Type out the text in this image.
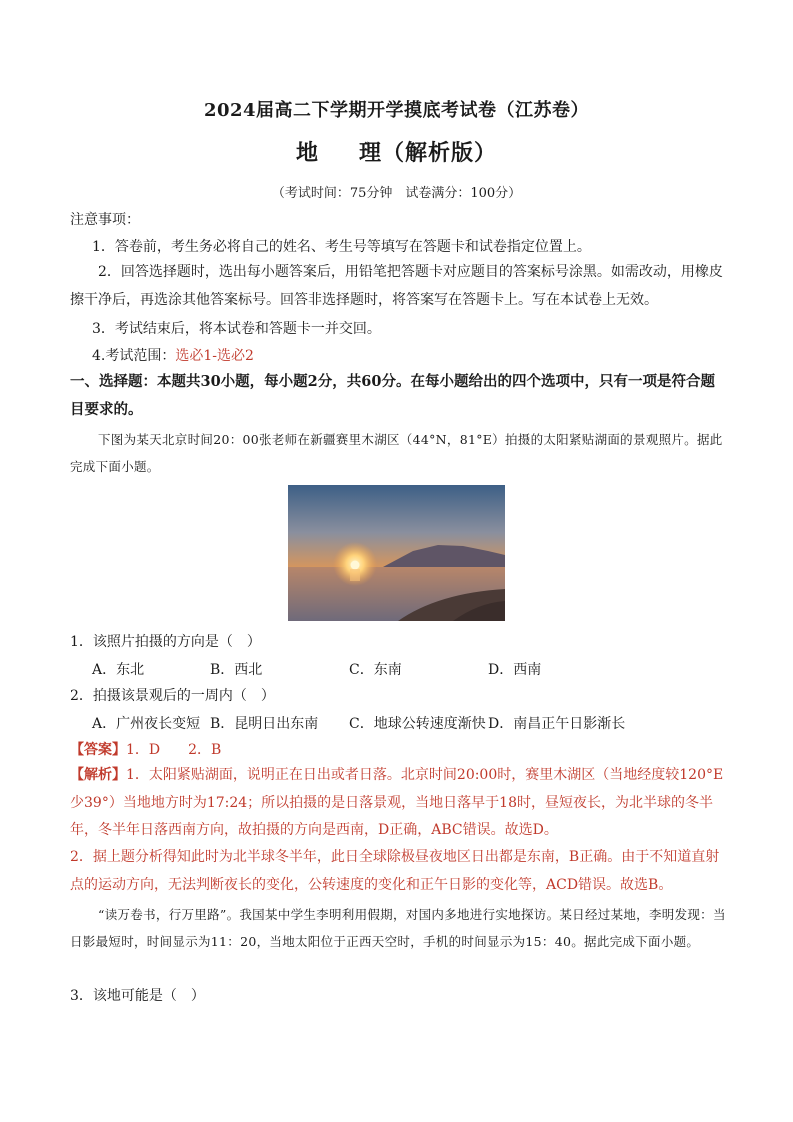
2024届高二下学期开学摸底考试卷（江苏卷）
地 理（解析版）
（考试时间：75分钟　试卷满分：100分）
注意事项：
1．答卷前，考生务必将自己的姓名、考生号等填写在答题卡和试卷指定位置上。
2．回答选择题时，选出每小题答案后，用铅笔把答题卡对应题目的答案标号涂黑。如需改动，用橡皮擦干净后，再选涂其他答案标号。回答非选择题时，将答案写在答题卡上。写在本试卷上无效。
3．考试结束后，将本试卷和答题卡一并交回。
4.考试范围：选必1-选必2
一、选择题：本题共30小题，每小题2分，共60分。在每小题给出的四个选项中，只有一项是符合题目要求的。
下图为某天北京时间20：00张老师在新疆赛里木湖区（44°N，81°E）拍摄的太阳紧贴湖面的景观照片。据此完成下面小题。
1．该照片拍摄的方向是（　）
A．东北	B．西北	C．东南	D．西南
2．拍摄该景观后的一周内（　）
A．广州夜长变短 B．昆明日出东南 C．地球公转速度渐快 D．南昌正午日影渐长
【答案】1．D　　2．B
【解析】1．太阳紧贴湖面，说明正在日出或者日落。北京时间20:00时，赛里木湖区（当地经度较120°E少39°）当地地方时为17:24；所以拍摄的是日落景观，当地日落早于18时，昼短夜长，为北半球的冬半年，冬半年日落西南方向，故拍摄的方向是西南，D正确，ABC错误。故选D。
2．据上题分析得知此时为北半球冬半年，此日全球除极昼夜地区日出都是东南，B正确。由于不知道直射点的运动方向，无法判断夜长的变化，公转速度的变化和正午日影的变化等，ACD错误。故选B。
“读万卷书，行万里路”。我国某中学生李明利用假期，对国内多地进行实地探访。某日经过某地，李明发现：当日影最短时，时间显示为11：20，当地太阳位于正西天空时，手机的时间显示为15：40。据此完成下面小题。
3．该地可能是（　）
